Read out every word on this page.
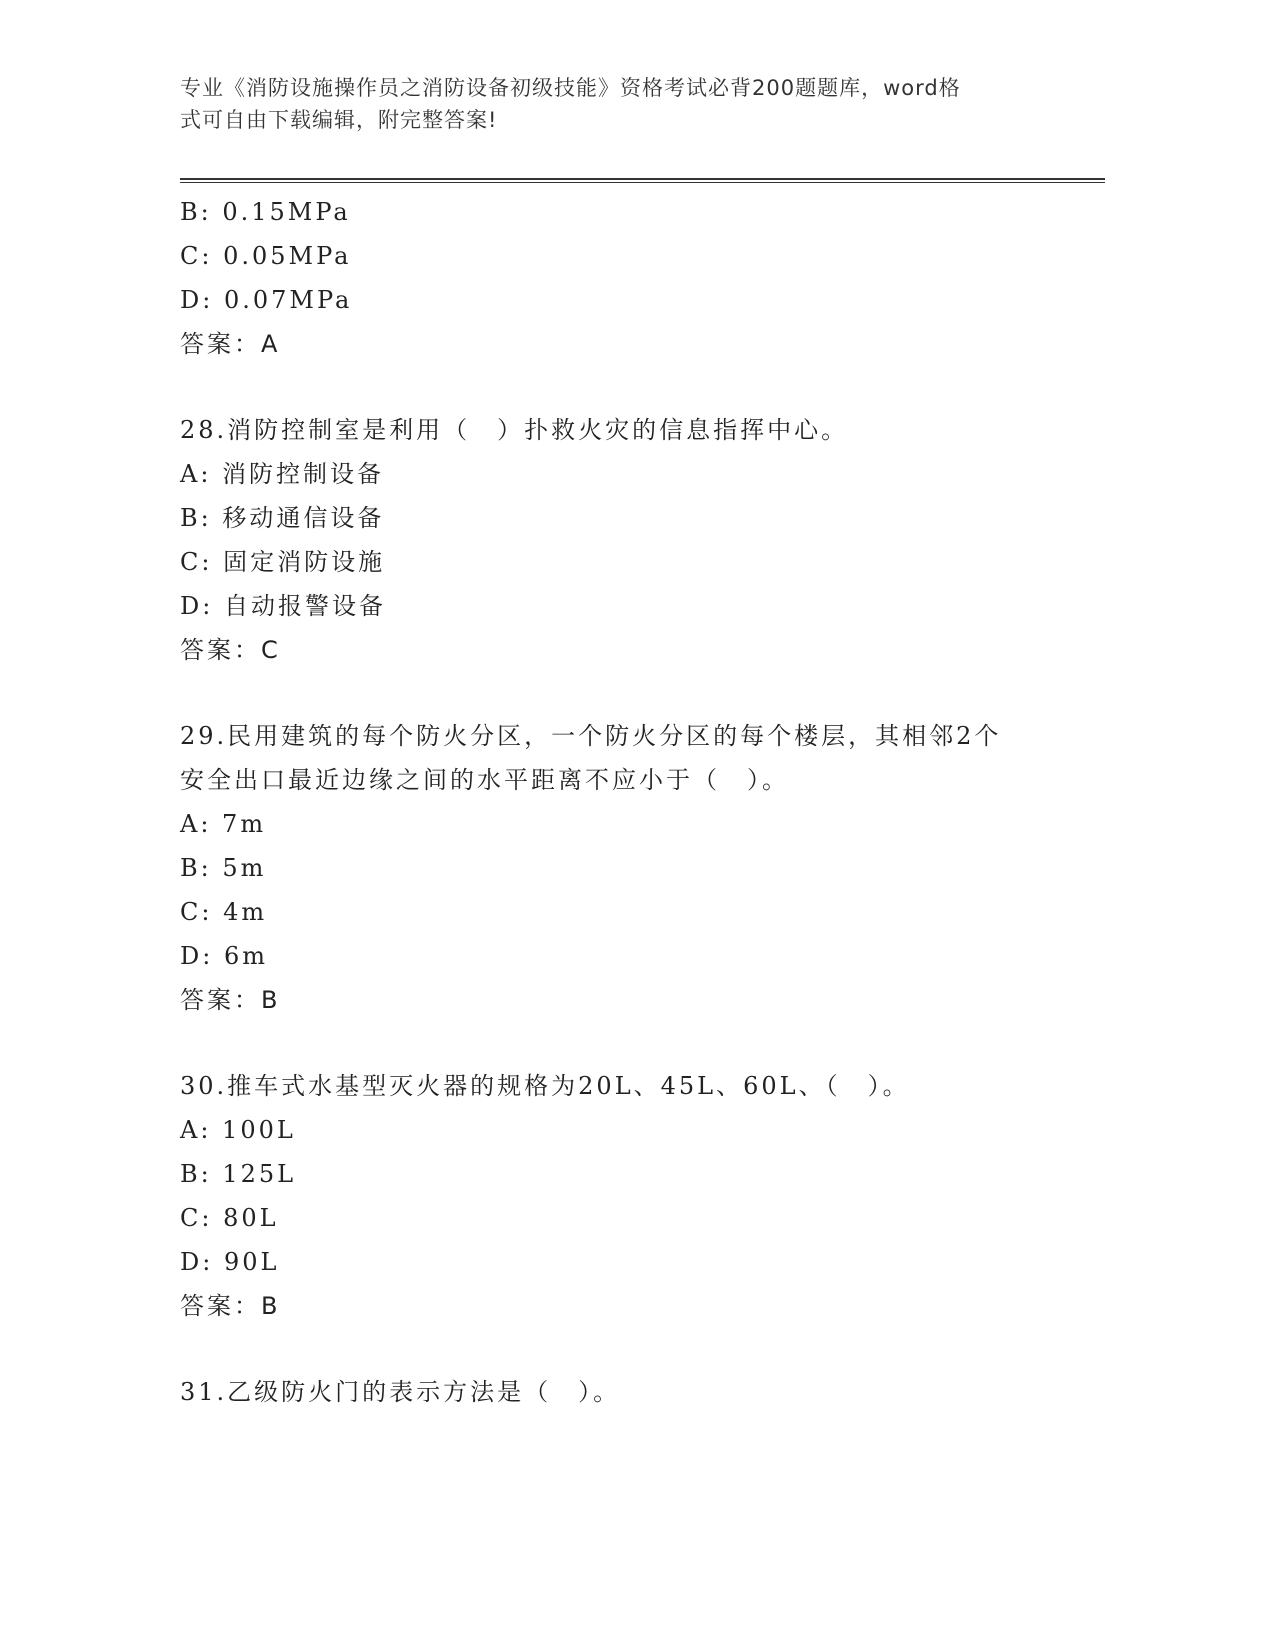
专业《消防设施操作员之消防设备初级技能》资格考试必背200题题库，word格
式可自由下载编辑，附完整答案!
B: 0.15MPa
C: 0.05MPa
D: 0.07MPa
答案：A
28.消防控制室是利用（　）扑救火灾的信息指挥中心。
A: 消防控制设备
B: 移动通信设备
C: 固定消防设施
D: 自动报警设备
答案：C
29.民用建筑的每个防火分区，一个防火分区的每个楼层，其相邻2个
安全出口最近边缘之间的水平距离不应小于（　）。
A: 7m
B: 5m
C: 4m
D: 6m
答案：B
30.推车式水基型灭火器的规格为20L、45L、60L、（　）。
A: 100L
B: 125L
C: 80L
D: 90L
答案：B
31.乙级防火门的表示方法是（　）。
